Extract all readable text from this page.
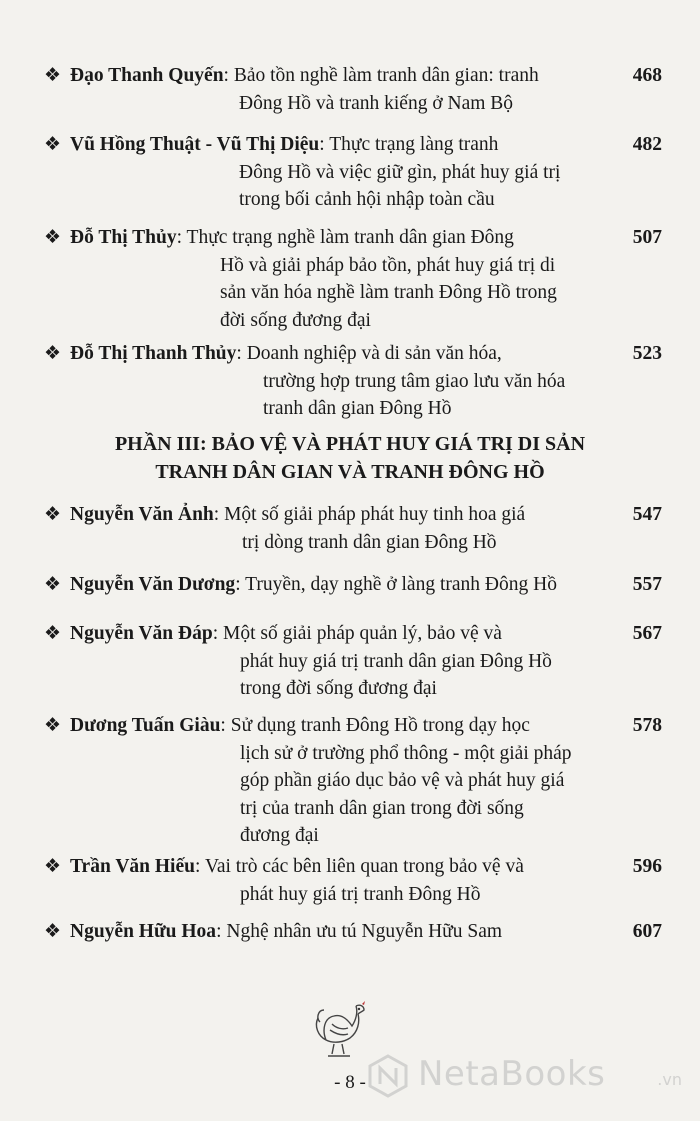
❖ Đạo Thanh Quyến: Bảo tồn nghề làm tranh dân gian: tranh
Đông Hồ và tranh kiếng ở Nam Bộ
468
❖ Vũ Hồng Thuật - Vũ Thị Diệu: Thực trạng làng tranh
Đông Hồ và việc giữ gìn, phát huy giá trị
trong bối cảnh hội nhập toàn cầu
482
❖ Đỗ Thị Thủy: Thực trạng nghề làm tranh dân gian Đông
Hồ và giải pháp bảo tồn, phát huy giá trị di
sản văn hóa nghề làm tranh Đông Hồ trong
đời sống đương đại
507
❖ Đỗ Thị Thanh Thủy: Doanh nghiệp và di sản văn hóa,
trường hợp trung tâm giao lưu văn hóa
tranh dân gian Đông Hồ
523
PHẦN III: BẢO VỆ VÀ PHÁT HUY GIÁ TRỊ DI SẢN
TRANH DÂN GIAN VÀ TRANH ĐÔNG HỒ
❖ Nguyễn Văn Ảnh: Một số giải pháp phát huy tinh hoa giá
trị dòng tranh dân gian Đông Hồ
547
❖ Nguyễn Văn Dương: Truyền, dạy nghề ở làng tranh Đông Hồ	557
❖ Nguyễn Văn Đáp: Một số giải pháp quản lý, bảo vệ và
phát huy giá trị tranh dân gian Đông Hồ
trong đời sống đương đại
567
❖ Dương Tuấn Giàu: Sử dụng tranh Đông Hồ trong dạy học
lịch sử ở trường phổ thông - một giải pháp
góp phần giáo dục bảo vệ và phát huy giá
trị của tranh dân gian trong đời sống
đương đại
578
❖ Trần Văn Hiếu: Vai trò các bên liên quan trong bảo vệ và
phát huy giá trị tranh Đông Hồ
596
❖ Nguyễn Hữu Hoa: Nghệ nhân ưu tú Nguyễn Hữu Sam	607
- 8 -	NetaBooks	.vn
